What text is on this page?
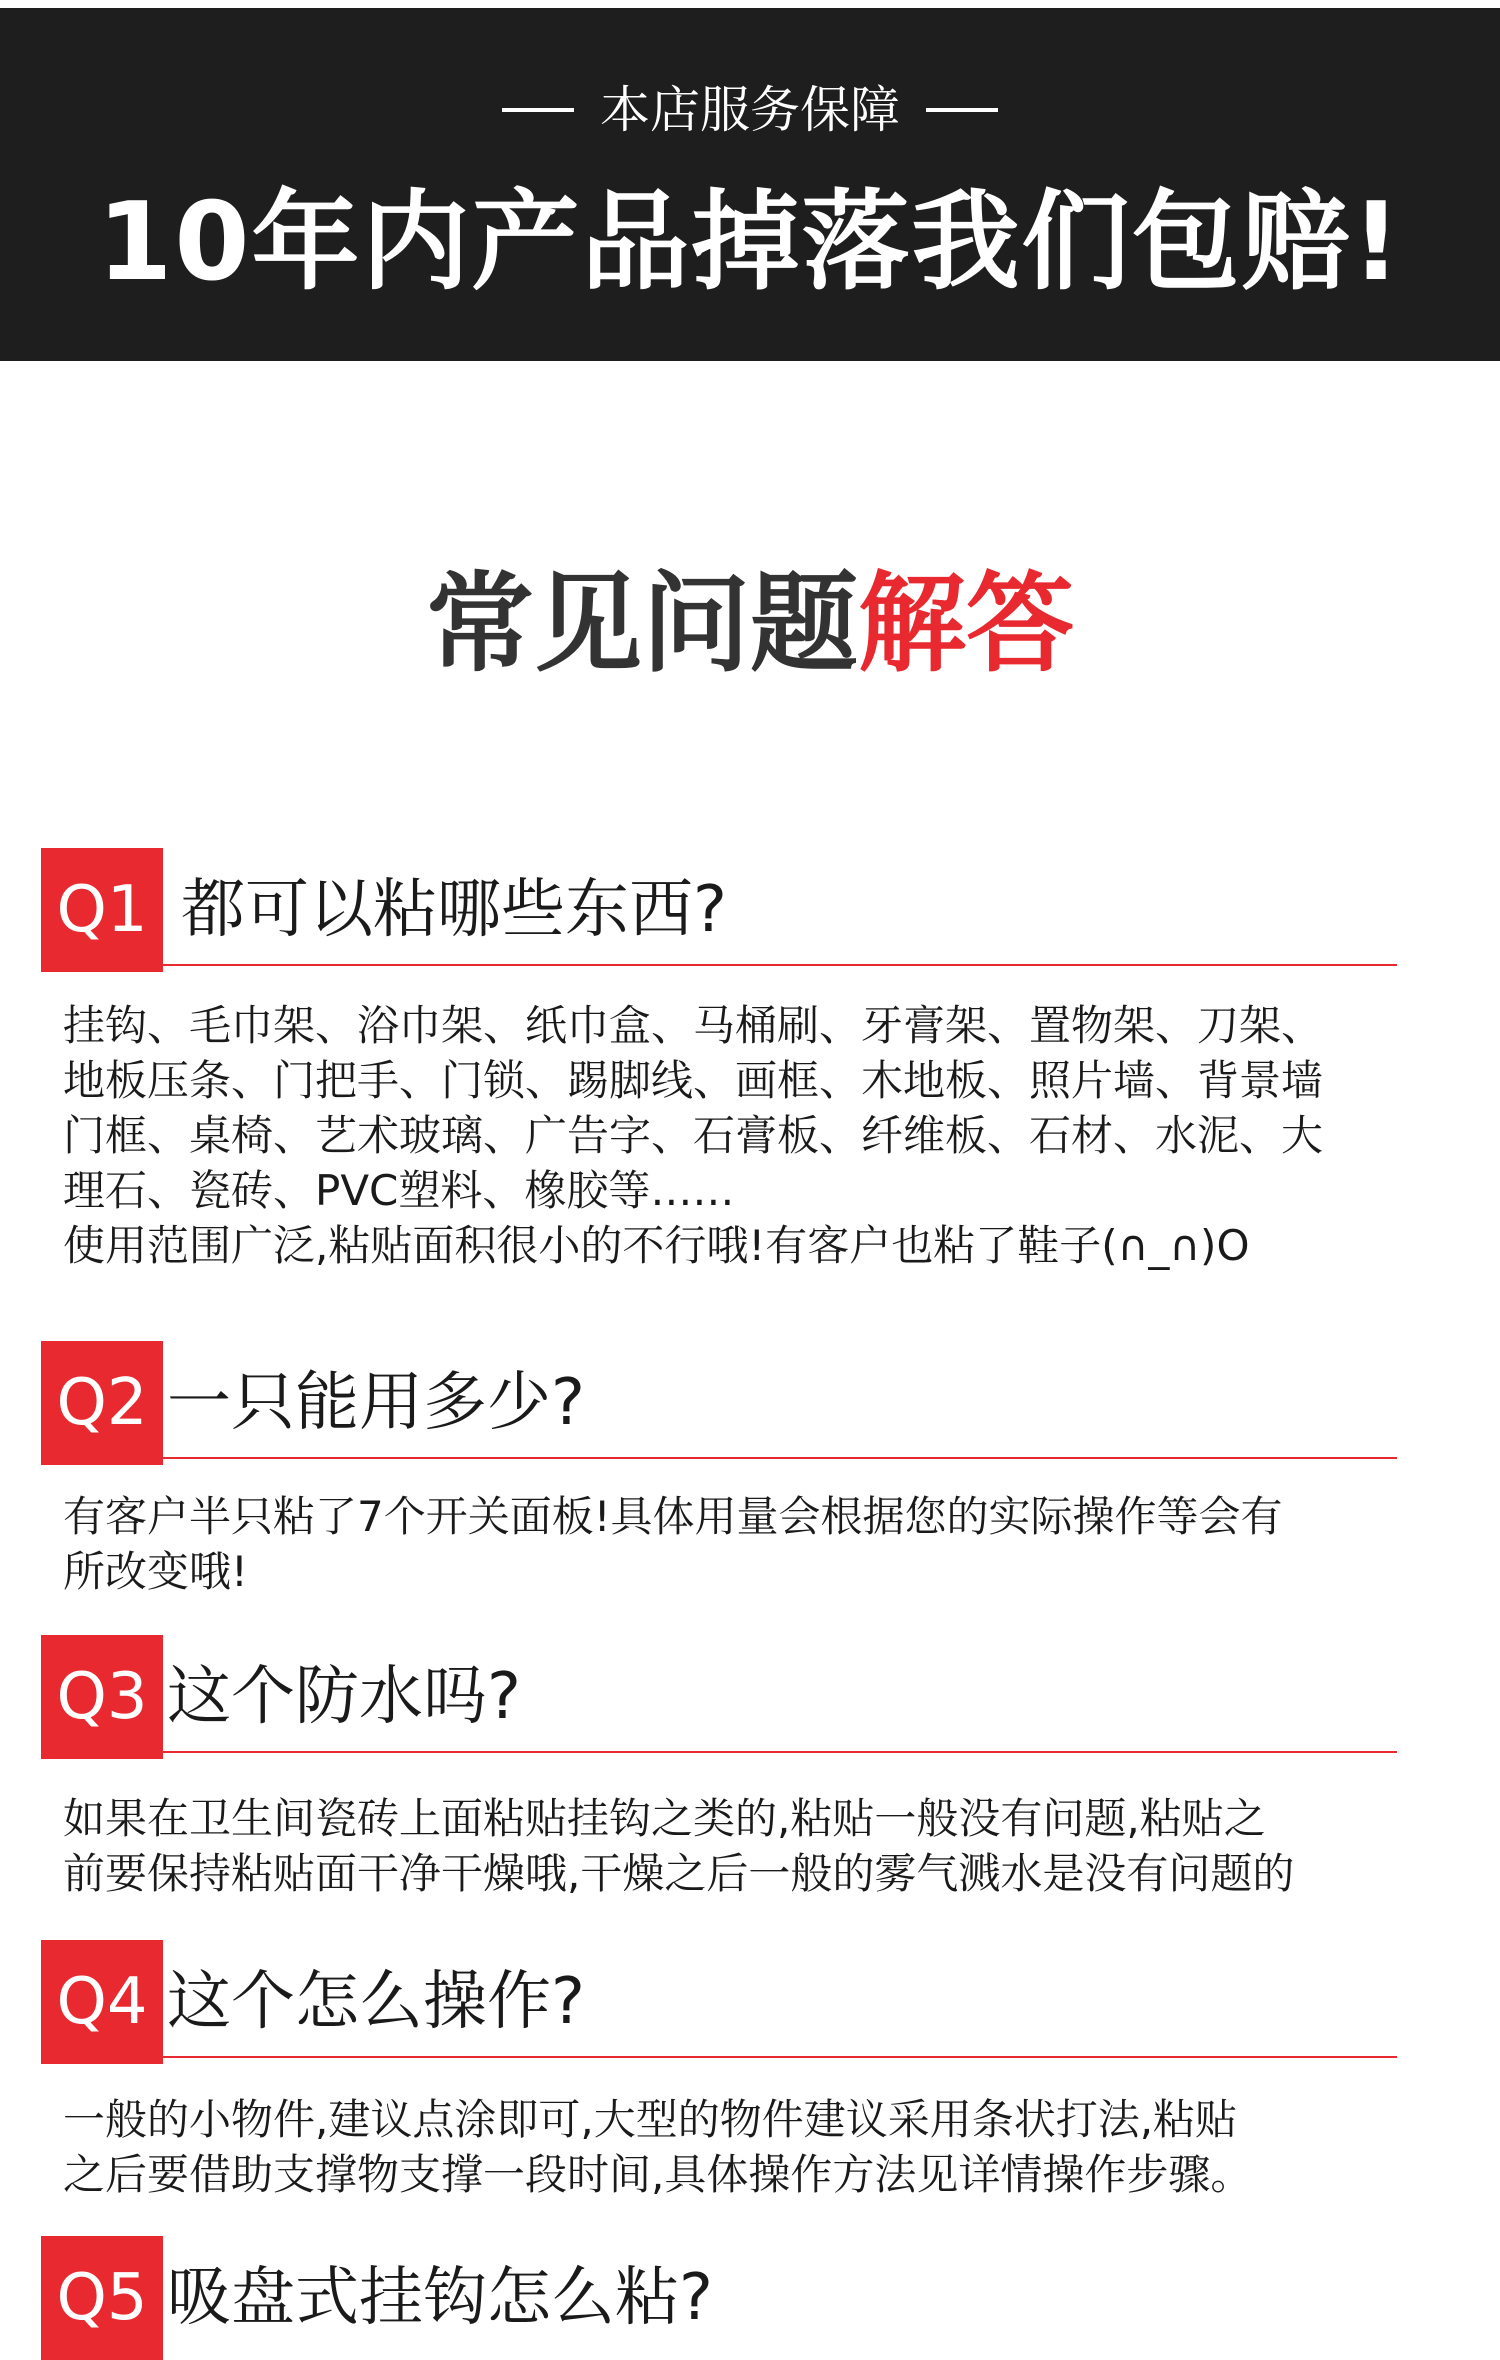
本店服务保障
10年内产品掉落我们包赔!
常见问题解答
Q1 都可以粘哪些东西?

挂钩、毛巾架、浴巾架、纸巾盒、马桶刷、牙膏架、置物架、刀架、

地板压条、门把手、门锁、踢脚线、画框、木地板、照片墙、背景墙

门框、桌椅、艺术玻璃、广告字、石膏板、纤维板、石材、水泥、大

理石、瓷砖、PVC塑料、橡胶等……

使用范围广泛,粘贴面积很小的不行哦!有客户也粘了鞋子(∩_∩)O

Q2 一只能用多少?

有客户半只粘了7个开关面板!具体用量会根据您的实际操作等会有

所改变哦!

Q3 这个防水吗?

如果在卫生间瓷砖上面粘贴挂钩之类的,粘贴一般没有问题,粘贴之

前要保持粘贴面干净干燥哦,干燥之后一般的雾气溅水是没有问题的

Q4 这个怎么操作?

一般的小物件,建议点涂即可,大型的物件建议采用条状打法,粘贴

之后要借助支撑物支撑一段时间,具体操作方法见详情操作步骤。

Q5 吸盘式挂钩怎么粘?
